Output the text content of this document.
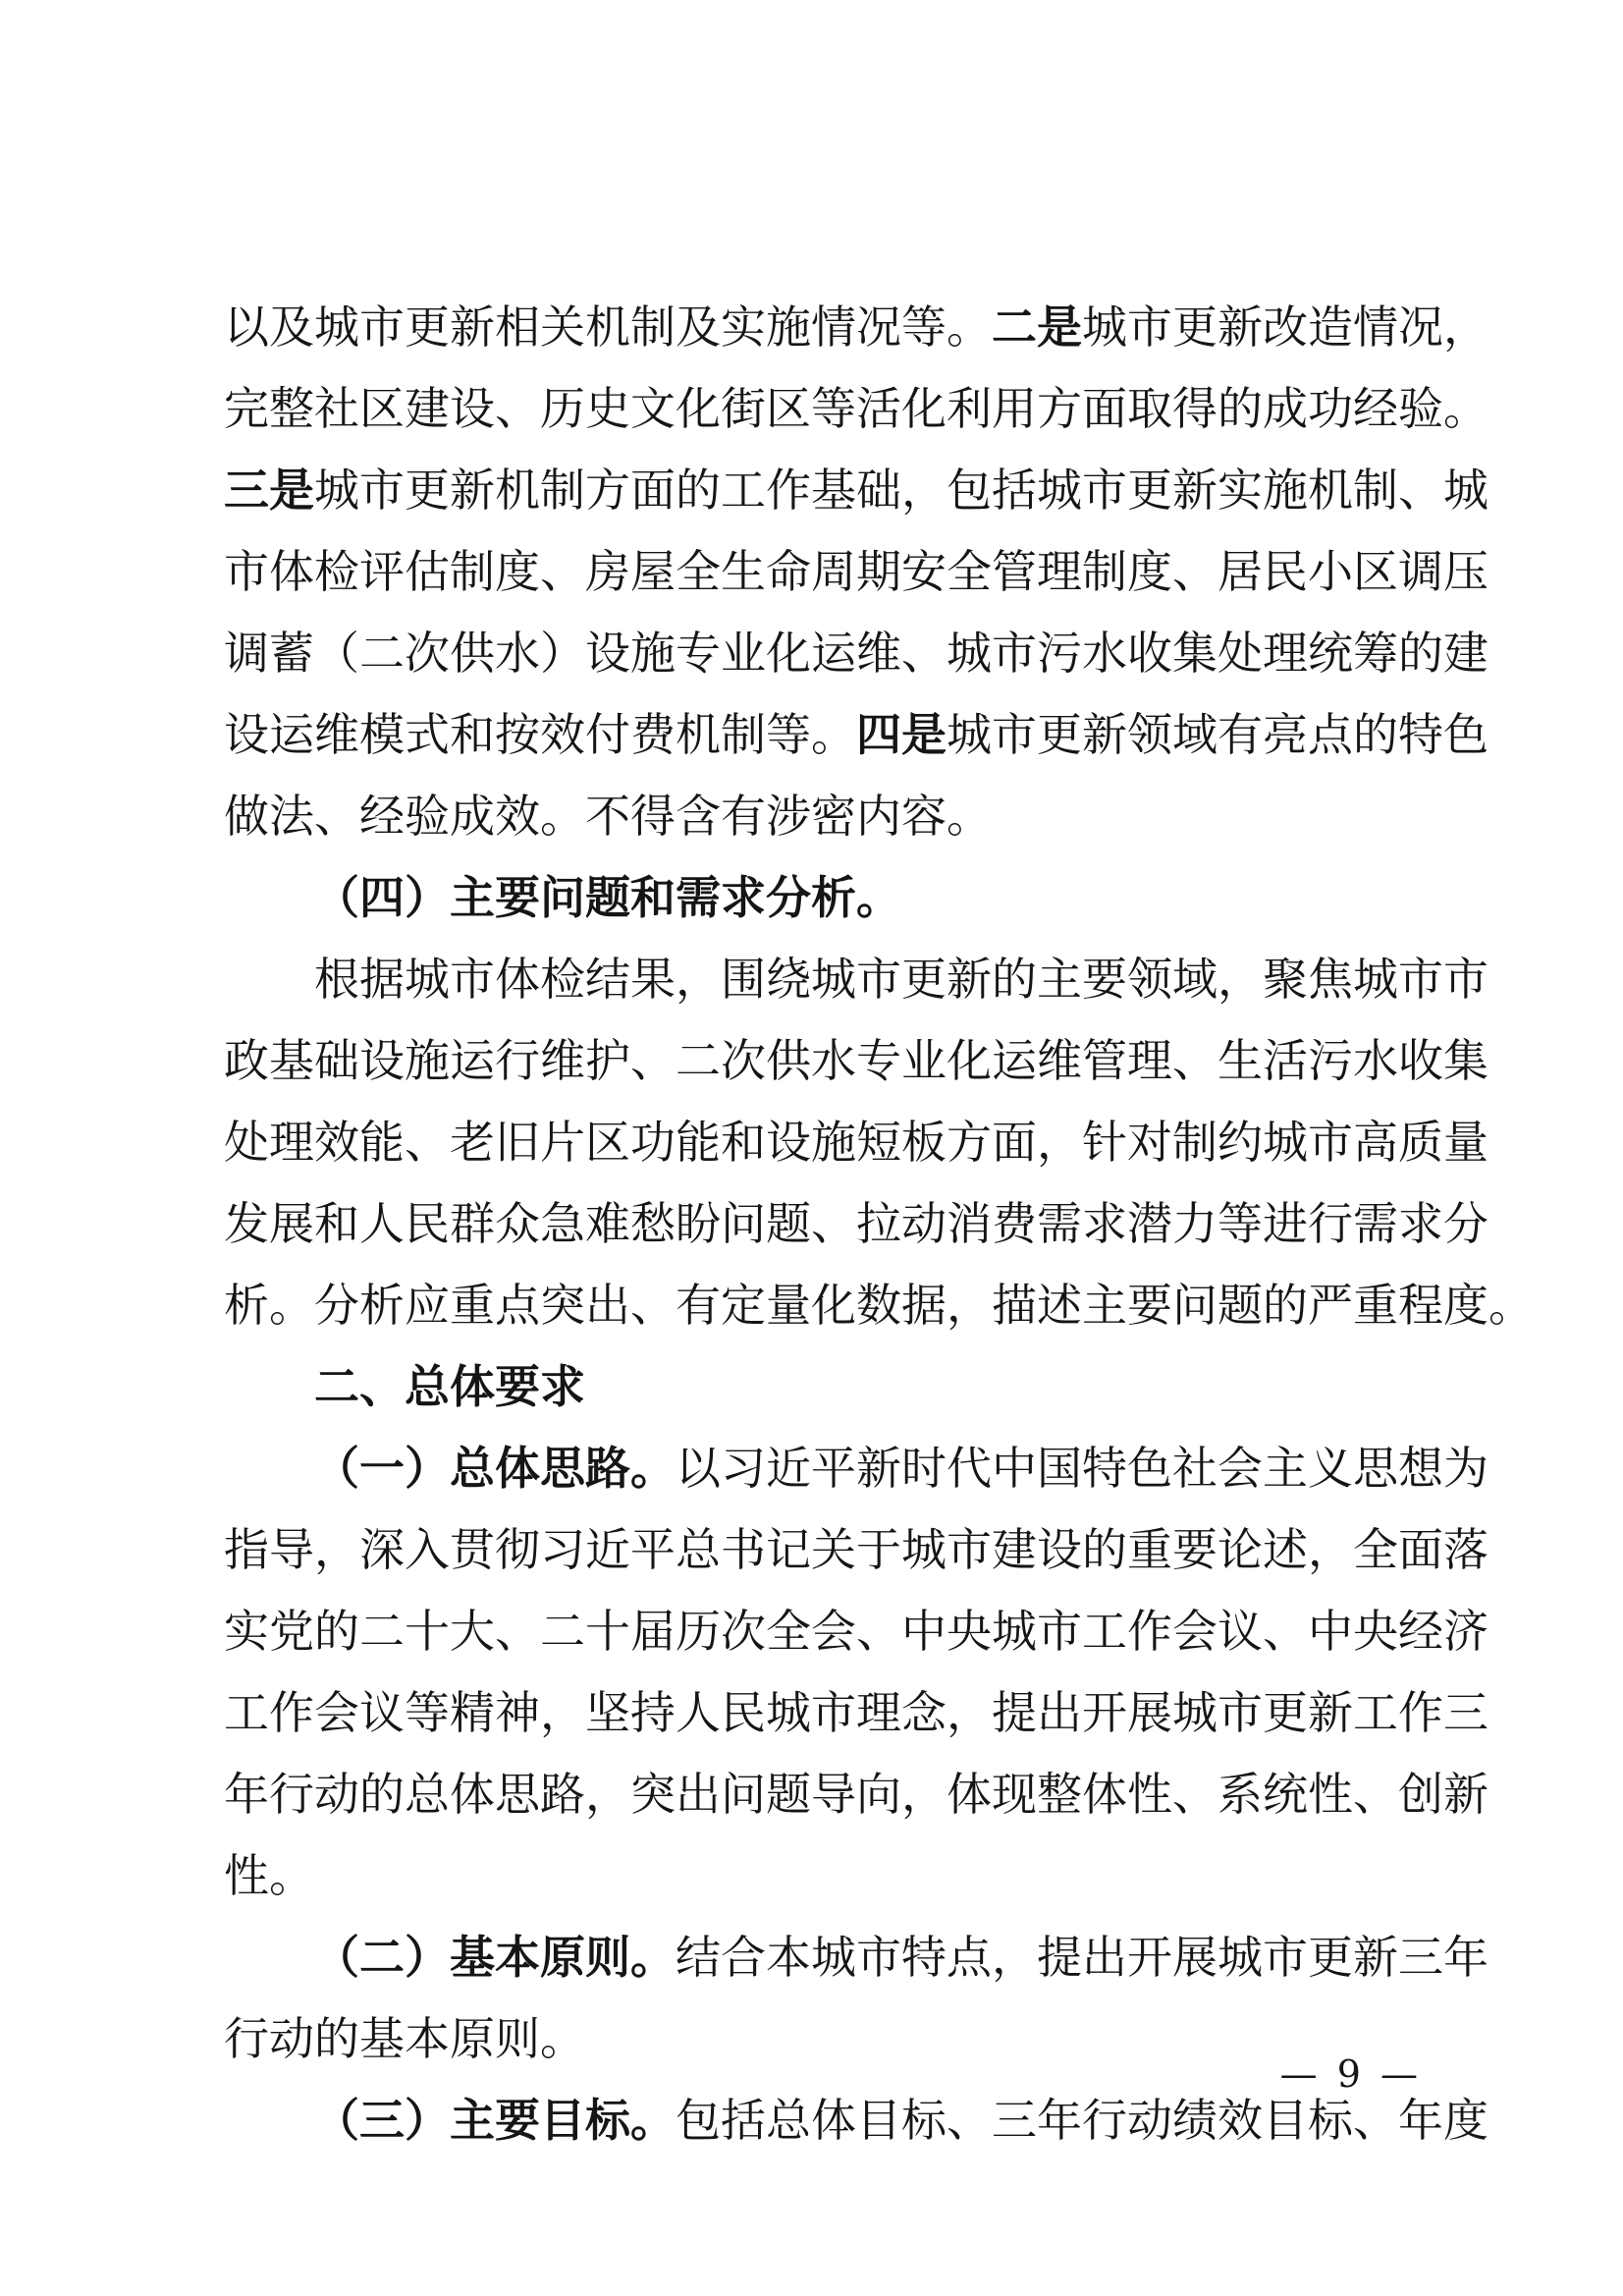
以及城市更新相关机制及实施情况等。二是城市更新改造情况，
完整社区建设、历史文化街区等活化利用方面取得的成功经验。
三是城市更新机制方面的工作基础，包括城市更新实施机制、城
市体检评估制度、房屋全生命周期安全管理制度、居民小区调压
调蓄（二次供水）设施专业化运维、城市污水收集处理统筹的建
设运维模式和按效付费机制等。四是城市更新领域有亮点的特色
做法、经验成效。不得含有涉密内容。
（四）主要问题和需求分析。
根据城市体检结果，围绕城市更新的主要领域，聚焦城市市
政基础设施运行维护、二次供水专业化运维管理、生活污水收集
处理效能、老旧片区功能和设施短板方面，针对制约城市高质量
发展和人民群众急难愁盼问题、拉动消费需求潜力等进行需求分
析。分析应重点突出、有定量化数据，描述主要问题的严重程度。
二、总体要求
（一）总体思路。以习近平新时代中国特色社会主义思想为
指导，深入贯彻习近平总书记关于城市建设的重要论述，全面落
实党的二十大、二十届历次全会、中央城市工作会议、中央经济
工作会议等精神，坚持人民城市理念，提出开展城市更新工作三
年行动的总体思路，突出问题导向，体现整体性、系统性、创新
性。
（二）基本原则。结合本城市特点，提出开展城市更新三年
行动的基本原则。
（三）主要目标。包括总体目标、三年行动绩效目标、年度
— 9 —
